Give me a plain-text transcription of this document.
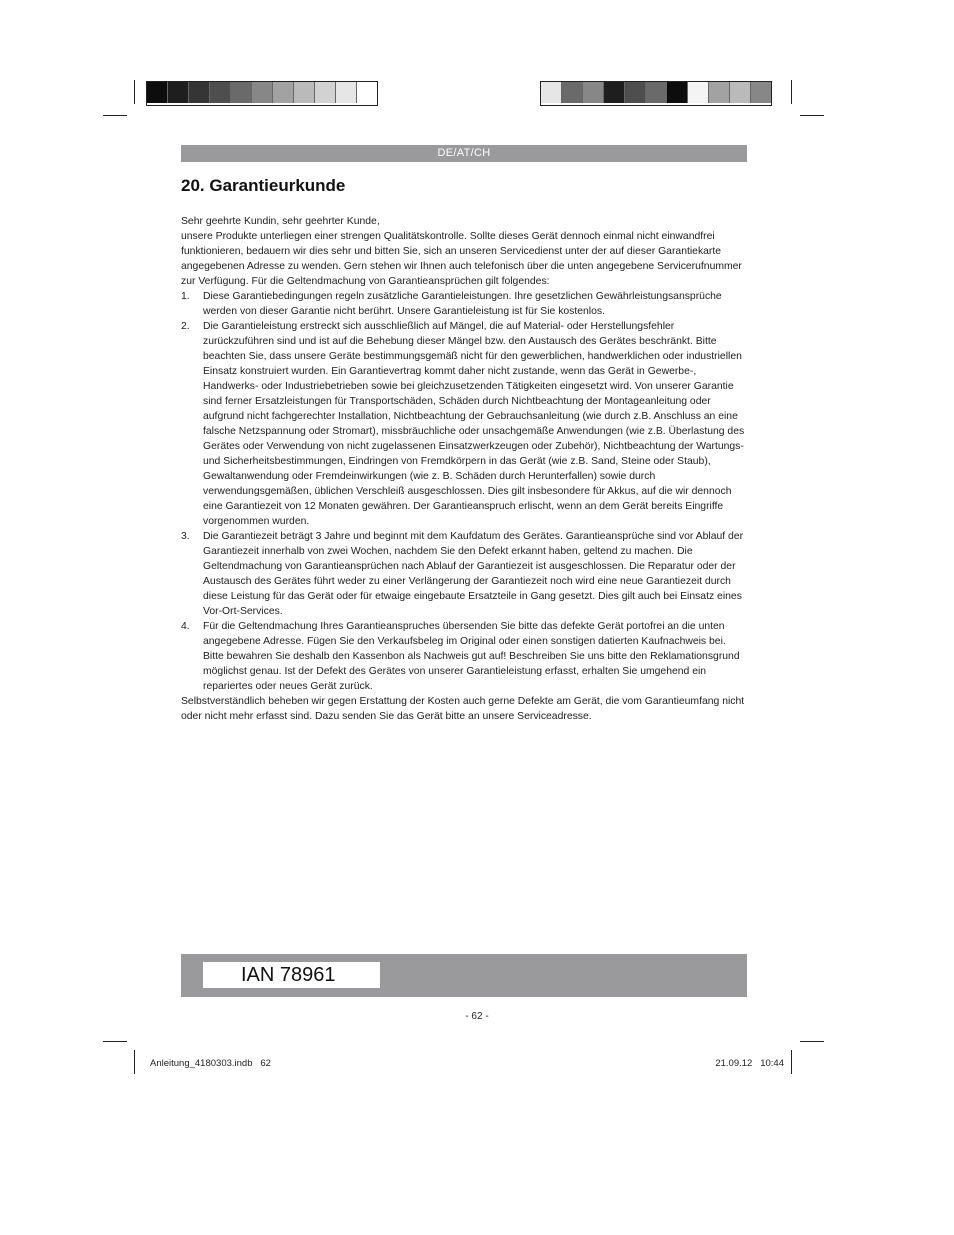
DE/AT/CH
20. Garantieurkunde

Sehr geehrte Kundin, sehr geehrter Kunde,

unsere Produkte unterliegen einer strengen Qualitätskontrolle. Sollte dieses Gerät dennoch einmal nicht einwandfrei funktionieren, bedauern wir dies sehr und bitten Sie, sich an unseren Servicedienst unter der auf dieser Garantiekarte angegebenen Adresse zu wenden. Gern stehen wir Ihnen auch telefonisch über die unten angegebene Servicerufnummer zur Verfügung. Für die Geltendmachung von Garantieansprüchen gilt folgendes:

1. Diese Garantiebedingungen regeln zusätzliche Garantieleistungen. Ihre gesetzlichen Gewährleistungsansprüche werden von dieser Garantie nicht berührt. Unsere Garantieleistung ist für Sie kostenlos.
2. Die Garantieleistung erstreckt sich ausschließlich auf Mängel, die auf Material- oder Herstellungsfehler zurückzuführen sind und ist auf die Behebung dieser Mängel bzw. den Austausch des Gerätes beschränkt. Bitte beachten Sie, dass unsere Geräte bestimmungsgemäß nicht für den gewerblichen, handwerklichen oder industriellen Einsatz konstruiert wurden. Ein Garantievertrag kommt daher nicht zustande, wenn das Gerät in Gewerbe-, Handwerks- oder Industriebetrieben sowie bei gleichzusetzenden Tätigkeiten eingesetzt wird. Von unserer Garantie sind ferner Ersatzleistungen für Transportschäden, Schäden durch Nichtbeachtung der Montageanleitung oder aufgrund nicht fachgerechter Installation, Nichtbeachtung der Gebrauchsanleitung (wie durch z.B. Anschluss an eine falsche Netzspannung oder Stromart), missbräuchliche oder unsachgemäße Anwendungen (wie z.B. Überlastung des Gerätes oder Verwendung von nicht zugelassenen Einsatzwerkzeugen oder Zubehör), Nichtbeachtung der Wartungs- und Sicherheitsbestimmungen, Eindringen von Fremdkörpern in das Gerät (wie z.B. Sand, Steine oder Staub), Gewaltanwendung oder Fremdeinwirkungen (wie z. B. Schäden durch Herunterfallen) sowie durch verwendungsgemäßen, üblichen Verschleiß ausgeschlossen. Dies gilt insbesondere für Akkus, auf die wir dennoch eine Garantiezeit von 12 Monaten gewähren. Der Garantieanspruch erlischt, wenn an dem Gerät bereits Eingriffe vorgenommen wurden.
3. Die Garantiezeit beträgt 3 Jahre und beginnt mit dem Kaufdatum des Gerätes. Garantieansprüche sind vor Ablauf der Garantiezeit innerhalb von zwei Wochen, nachdem Sie den Defekt erkannt haben, geltend zu machen. Die Geltendmachung von Garantieansprüchen nach Ablauf der Garantiezeit ist ausgeschlossen. Die Reparatur oder der Austausch des Gerätes führt weder zu einer Verlängerung der Garantiezeit noch wird eine neue Garantiezeit durch diese Leistung für das Gerät oder für etwaige eingebaute Ersatzteile in Gang gesetzt. Dies gilt auch bei Einsatz eines Vor-Ort-Services.
4. Für die Geltendmachung Ihres Garantieanspruches übersenden Sie bitte das defekte Gerät portofrei an die unten angegebene Adresse. Fügen Sie den Verkaufsbeleg im Original oder einen sonstigen datierten Kaufnachweis bei. Bitte bewahren Sie deshalb den Kassenbon als Nachweis gut auf! Beschreiben Sie uns bitte den Reklamationsgrund möglichst genau. Ist der Defekt des Gerätes von unserer Garantieleistung erfasst, erhalten Sie umgehend ein repariertes oder neues Gerät zurück.

Selbstverständlich beheben wir gegen Erstattung der Kosten auch gerne Defekte am Gerät, die vom Garantieumfang nicht oder nicht mehr erfasst sind. Dazu senden Sie das Gerät bitte an unsere Serviceadresse.

IAN 78961
- 62 -
Anleitung_4180303.indb   62	21.09.12   10:44
